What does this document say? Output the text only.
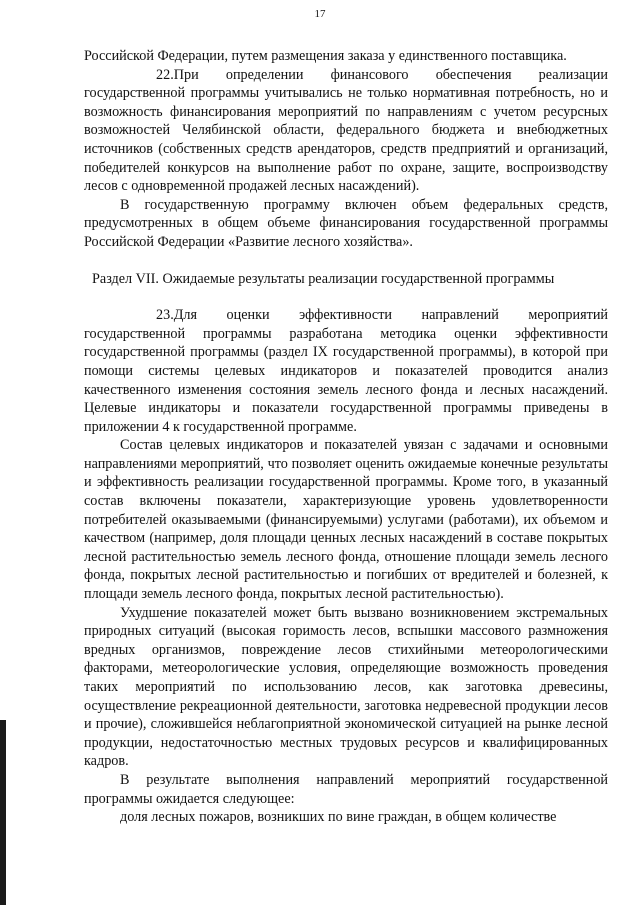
17

Российской Федерации, путем размещения заказа у единственного поставщика.

22.При определении финансового обеспечения реализации государственной программы учитывались не только нормативная потребность, но и возможность финансирования мероприятий по направлениям с учетом ресурсных возможностей Челябинской области, федерального бюджета и внебюджетных источников (собственных средств арендаторов, средств предприятий и организаций, победителей конкурсов на выполнение работ по охране, защите, воспроизводству лесов с одновременной продажей лесных насаждений).

В государственную программу включен объем федеральных средств, предусмотренных в общем объеме финансирования государственной программы Российской Федерации «Развитие лесного хозяйства».

Раздел VII. Ожидаемые результаты реализации государственной программы

23.Для оценки эффективности направлений мероприятий государственной программы разработана методика оценки эффективности государственной программы (раздел IX государственной программы), в которой при помощи системы целевых индикаторов и показателей проводится анализ качественного изменения состояния земель лесного фонда и лесных насаждений. Целевые индикаторы и показатели государственной программы приведены в приложении 4 к государственной программе.

Состав целевых индикаторов и показателей увязан с задачами и основными направлениями мероприятий, что позволяет оценить ожидаемые конечные результаты и эффективность реализации государственной программы. Кроме того, в указанный состав включены показатели, характеризующие уровень удовлетворенности потребителей оказываемыми (финансируемыми) услугами (работами), их объемом и качеством (например, доля площади ценных лесных насаждений в составе покрытых лесной растительностью земель лесного фонда, отношение площади земель лесного фонда, покрытых лесной растительностью и погибших от вредителей и болезней, к площади земель лесного фонда, покрытых лесной растительностью).

Ухудшение показателей может быть вызвано возникновением экстремальных природных ситуаций (высокая горимость лесов, вспышки массового размножения вредных организмов, повреждение лесов стихийными метеорологическими факторами, метеорологические условия, определяющие возможность проведения таких мероприятий по использованию лесов, как заготовка древесины, осуществление рекреационной деятельности, заготовка недревесной продукции лесов и прочие), сложившейся неблагоприятной экономической ситуацией на рынке лесной продукции, недостаточностью местных трудовых ресурсов и квалифицированных кадров.

В результате выполнения направлений мероприятий государственной программы ожидается следующее:

доля лесных пожаров, возникших по вине граждан, в общем количестве
